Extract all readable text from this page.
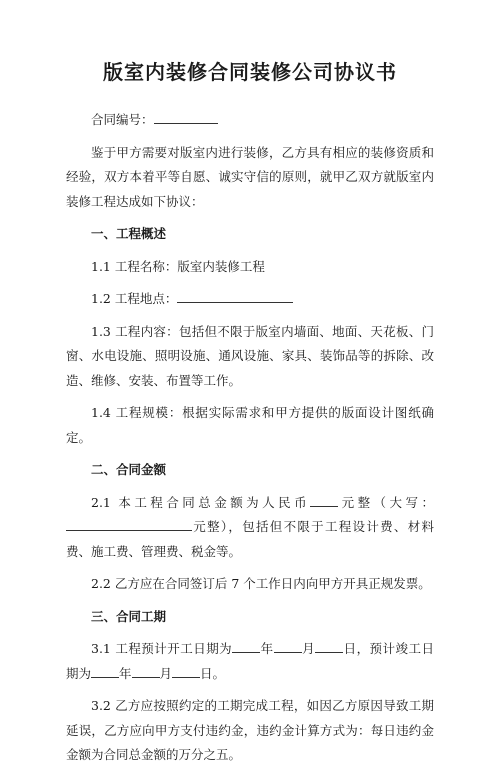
版室内装修合同装修公司协议书

合同编号：

鉴于甲方需要对版室内进行装修，乙方具有相应的装修资质和经验，双方本着平等自愿、诚实守信的原则，就甲乙双方就版室内装修工程达成如下协议：

一、工程概述

1.1 工程名称：版室内装修工程

1.2 工程地点：

1.3 工程内容：包括但不限于版室内墙面、地面、天花板、门窗、水电设施、照明设施、通风设施、家具、装饰品等的拆除、改造、维修、安装、布置等工作。

1.4 工程规模：根据实际需求和甲方提供的版面设计图纸确定。

二、合同金额

2.1 本工程合同总金额为人民币 元整（大写：元整），包括但不限于工程设计费、材料费、施工费、管理费、税金等。

2.2 乙方应在合同签订后 7 个工作日内向甲方开具正规发票。

三、合同工期

3.1 工程预计开工日期为 年 月 日，预计竣工日期为 年 月 日。

3.2 乙方应按照约定的工期完成工程，如因乙方原因导致工期延误，乙方应向甲方支付违约金，违约金计算方式为：每日违约金金额为合同总金额的万分之五。
